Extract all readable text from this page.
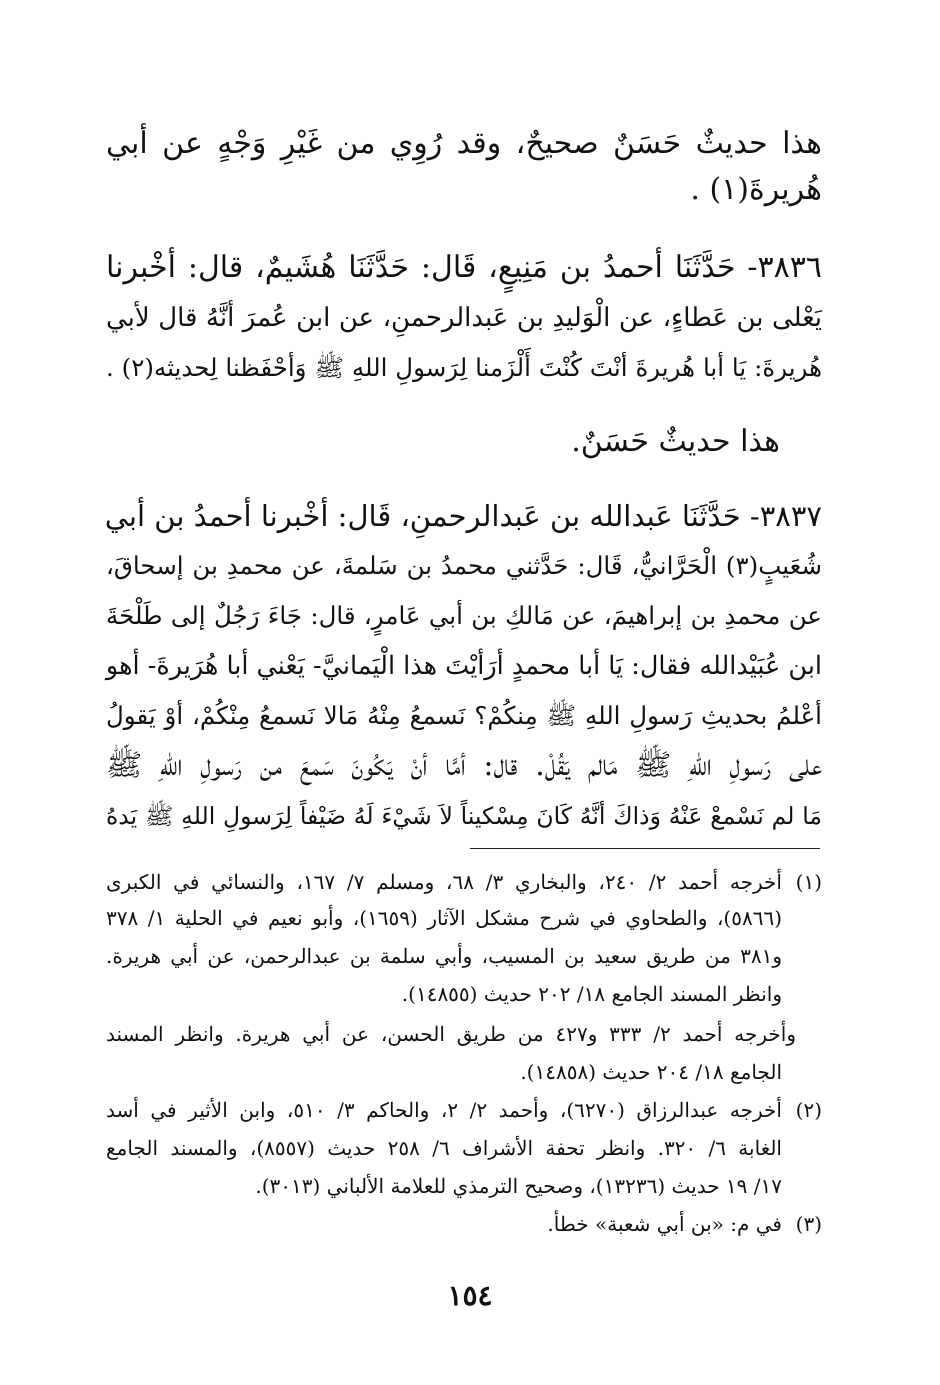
هذا حديثٌ حَسَنٌ صحيحٌ، وقد رُوِي من غَيْرِ وَجْهٍ عن أبي
هُريرةَ(١) .
٣٨٣٦- حَدَّثَنَا أحمدُ بن مَنِيعٍ، قَال: حَدَّثَنَا هُشَيمٌ، قال: أخْبرنا
يَعْلى بن عَطاءٍ، عن الْوَليدِ بن عَبدالرحمنِ، عن ابن عُمرَ أنَّهُ قال لأبي
هُريرةَ: يَا أبا هُريرةَ أنْتَ كُنْتَ أَلْزَمنا لِرَسولِ اللهِ ﷺ وَأحْفَظنا لِحديثه(٢) .
هذا حديثٌ حَسَنٌ.
٣٨٣٧- حَدَّثَنَا عَبدالله بن عَبدالرحمنِ، قَال: أخْبرنا أحمدُ بن أبي
شُعَيبٍ(٣) الْحَرَّانيُّ، قَال: حَدَّثني محمدُ بن سَلمةَ، عن محمدِ بن إسحاقَ،
عن محمدِ بن إبراهيمَ، عن مَالكِ بن أبي عَامرٍ، قال: جَاءَ رَجُلٌ إلى طَلْحَةَ
ابن عُبَيْدالله فقال: يَا أبا محمدٍ أرَأيْتَ هذا الْيَمانيَّ- يَعْني أبا هُرَيرةَ- أهو
أعْلمُ بحديثِ رَسولِ اللهِ ﷺ مِنكُمْ؟ نَسمعُ مِنْهُ مَالا نَسمعُ مِنْكُمْ، أوْ يَقولُ
على رَسولِ اللهِ ﷺ مَالم يَقُلْ. قال: أمَّا أنْ يَكُونَ سَمعَ من رَسولِ اللهِ ﷺ
مَا لم نَسْمعْ عَنْهُ وَذاكَ أنَّهُ كَانَ مِسْكيناً لاَ شَيْءَ لَهُ ضَيْفاً لِرَسولِ اللهِ ﷺ يَدهُ
(١)
أخرجه أحمد ٢/ ٢٤٠، والبخاري ٣/ ٦٨، ومسلم ٧/ ١٦٧، والنسائي في الكبرى
(٥٨٦٦)، والطحاوي في شرح مشكل الآثار (١٦٥٩)، وأبو نعيم في الحلية ١/ ٣٧٨
و٣٨١ من طريق سعيد بن المسيب، وأبي سلمة بن عبدالرحمن، عن أبي هريرة.
وانظر المسند الجامع ١٨/ ٢٠٢ حديث (١٤٨٥٥).
وأخرجه أحمد ٢/ ٣٣٣ و٤٢٧ من طريق الحسن، عن أبي هريرة. وانظر المسند
الجامع ١٨/ ٢٠٤ حديث (١٤٨٥٨).
(٢)
أخرجه عبدالرزاق (٦٢٧٠)، وأحمد ٢/ ٢، والحاكم ٣/ ٥١٠، وابن الأثير في أسد
الغابة ٦/ ٣٢٠. وانظر تحفة الأشراف ٦/ ٢٥٨ حديث (٨٥٥٧)، والمسند الجامع
١٧/ ١٩ حديث (١٣٢٣٦)، وصحيح الترمذي للعلامة الألباني (٣٠١٣).
(٣)
في م: «بن أبي شعبة» خطأ.
١٥٤
